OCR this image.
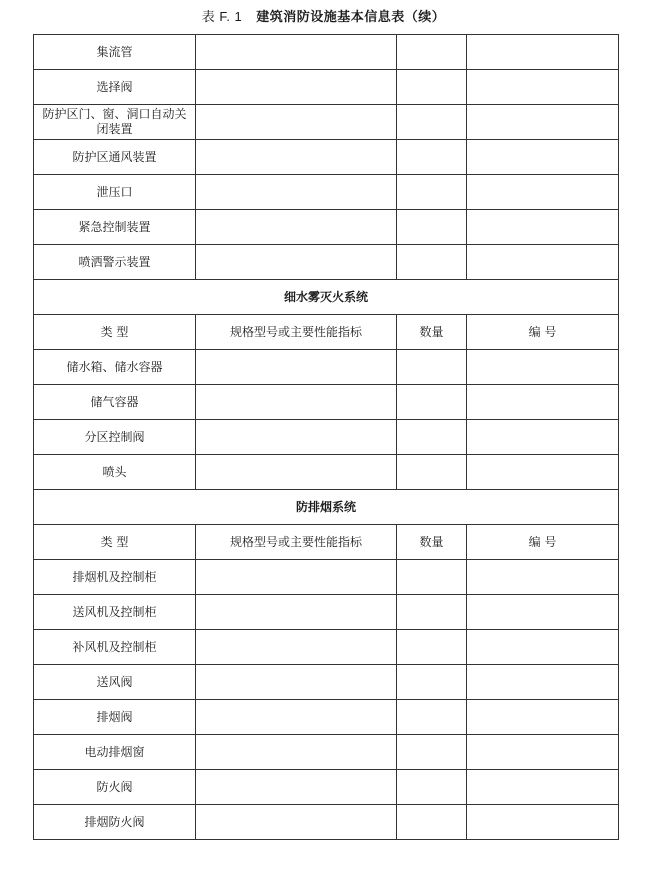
表 F. 1 建筑消防设施基本信息表（续）
集流管			
选择阀			
防护区门、窗、洞口自动关闭装置			
防护区通风装置			
泄压口			
紧急控制装置			
喷洒警示装置			
细水雾灭火系统			
类 型	规格型号或主要性能指标	数量	编 号
储水箱、储水容器			
储气容器			
分区控制阀			
喷头			
防排烟系统			
类 型	规格型号或主要性能指标	数量	编 号
排烟机及控制柜			
送风机及控制柜			
补风机及控制柜			
送风阀			
排烟阀			
电动排烟窗			
防火阀			
排烟防火阀			
